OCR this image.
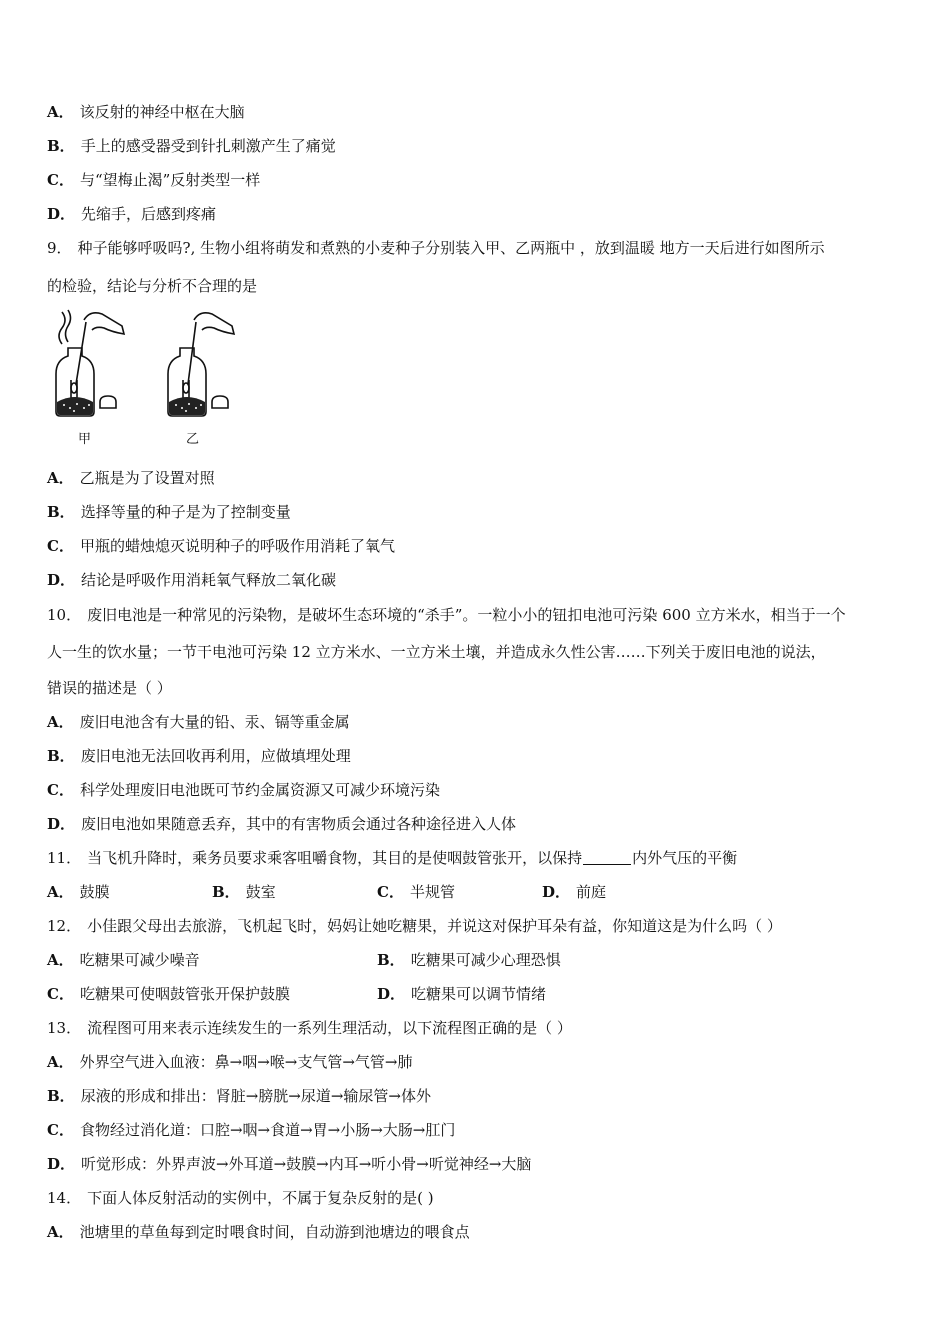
A． 该反射的神经中枢在大脑
B． 手上的感受器受到针扎刺激产生了痛觉
C． 与“望梅止渴”反射类型一样
D． 先缩手，后感到疼痛
9． 种子能够呼吸吗?, 生物小组将萌发和煮熟的小麦种子分别装入甲、乙两瓶中 ，放到温暖 地方一天后进行如图所示
的检验，结论与分析不合理的是
甲	乙
A． 乙瓶是为了设置对照
B． 选择等量的种子是为了控制变量
C． 甲瓶的蜡烛熄灭说明种子的呼吸作用消耗了氧气
D． 结论是呼吸作用消耗氧气释放二氧化碳
10． 废旧电池是一种常见的污染物，是破坏生态环境的“杀手”。一粒小小的钮扣电池可污染 600 立方米水，相当于一个
人一生的饮水量；一节干电池可污染 12 立方米水、一立方米土壤，并造成永久性公害……下列关于废旧电池的说法，
错误的描述是（ ）
A． 废旧电池含有大量的铅、汞、镉等重金属
B． 废旧电池无法回收再利用，应做填埋处理
C． 科学处理废旧电池既可节约金属资源又可减少环境污染
D． 废旧电池如果随意丢弃，其中的有害物质会通过各种途径进入人体
11． 当飞机升降时，乘务员要求乘客咀嚼食物，其目的是使咽鼓管张开，以保持	内外气压的平衡
A． 鼓膜	B． 鼓室	C． 半规管	D． 前庭
12． 小佳跟父母出去旅游，飞机起飞时，妈妈让她吃糖果，并说这对保护耳朵有益，你知道这是为什么吗（ ）
A． 吃糖果可减少噪音	B． 吃糖果可减少心理恐惧
C． 吃糖果可使咽鼓管张开保护鼓膜	D． 吃糖果可以调节情绪
13． 流程图可用来表示连续发生的一系列生理活动，以下流程图正确的是（ ）
A． 外界空气进入血液：鼻→咽→喉→支气管→气管→肺
B． 尿液的形成和排出：肾脏→膀胱→尿道→输尿管→体外
C． 食物经过消化道：口腔→咽→食道→胃→小肠→大肠→肛门
D． 听觉形成：外界声波→外耳道→鼓膜→内耳→听小骨→听觉神经→大脑
14． 下面人体反射活动的实例中，不属于复杂反射的是( )
A． 池塘里的草鱼每到定时喂食时间，自动游到池塘边的喂食点
